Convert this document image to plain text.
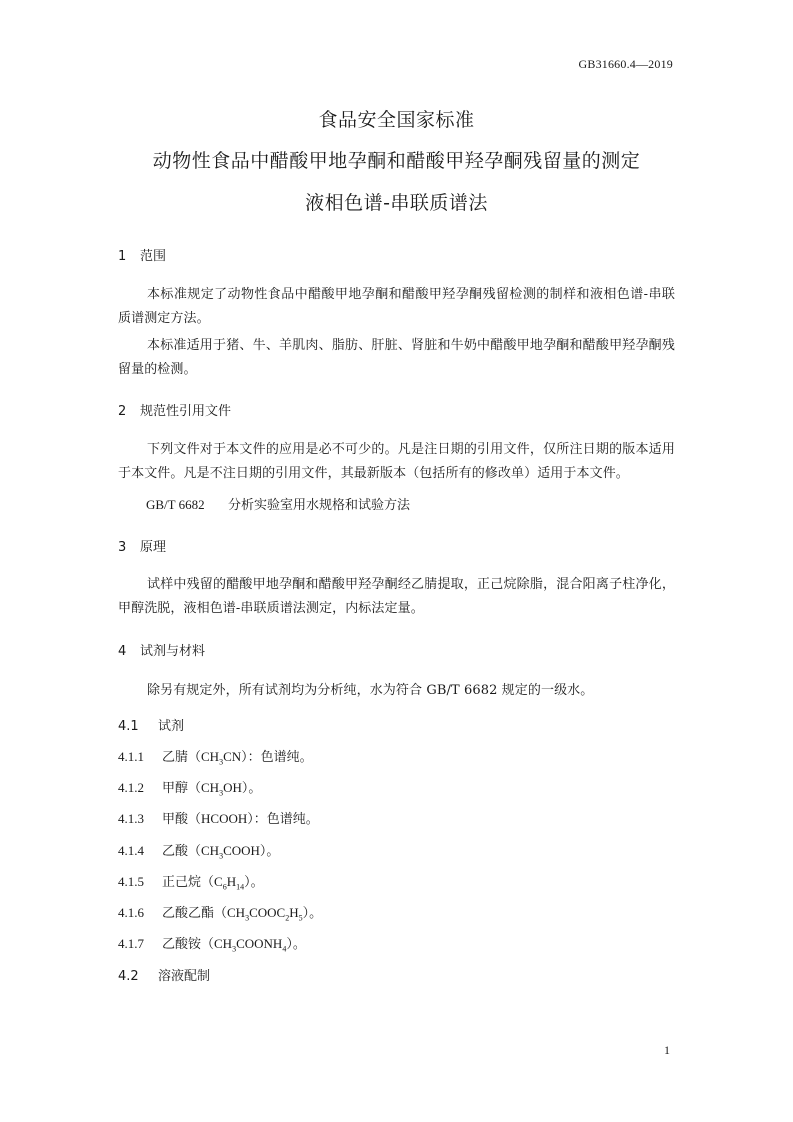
GB31660.4—2019
食品安全国家标准
动物性食品中醋酸甲地孕酮和醋酸甲羟孕酮残留量的测定
液相色谱-串联质谱法
1 范围
本标准规定了动物性食品中醋酸甲地孕酮和醋酸甲羟孕酮残留检测的制样和液相色谱-串联质谱测定方法。
本标准适用于猪、牛、羊肌肉、脂肪、肝脏、肾脏和牛奶中醋酸甲地孕酮和醋酸甲羟孕酮残留量的检测。
2 规范性引用文件
下列文件对于本文件的应用是必不可少的。凡是注日期的引用文件，仅所注日期的版本适用于本文件。凡是不注日期的引用文件，其最新版本（包括所有的修改单）适用于本文件。
GB/T 6682 分析实验室用水规格和试验方法
3 原理
试样中残留的醋酸甲地孕酮和醋酸甲羟孕酮经乙腈提取，正己烷除脂，混合阳离子柱净化，甲醇洗脱，液相色谱-串联质谱法测定，内标法定量。
4 试剂与材料
除另有规定外，所有试剂均为分析纯，水为符合 GB/T 6682 规定的一级水。
4.1 试剂
4.1.1 乙腈$(CH_3CN)$：色谱纯。
4.1.2 甲醇$(CH_3OH)$。
4.1.3 甲酸（HCOOH）：色谱纯。
4.1.4 乙酸$(CH_3COOH)$。
4.1.5 正己烷$(C_6H_{14})$。
4.1.6 乙酸乙酯$(CH_3COOC_2H_5)$。
4.1.7 乙酸铵$(CH_3COONH_4)$。
4.2 溶液配制
1
